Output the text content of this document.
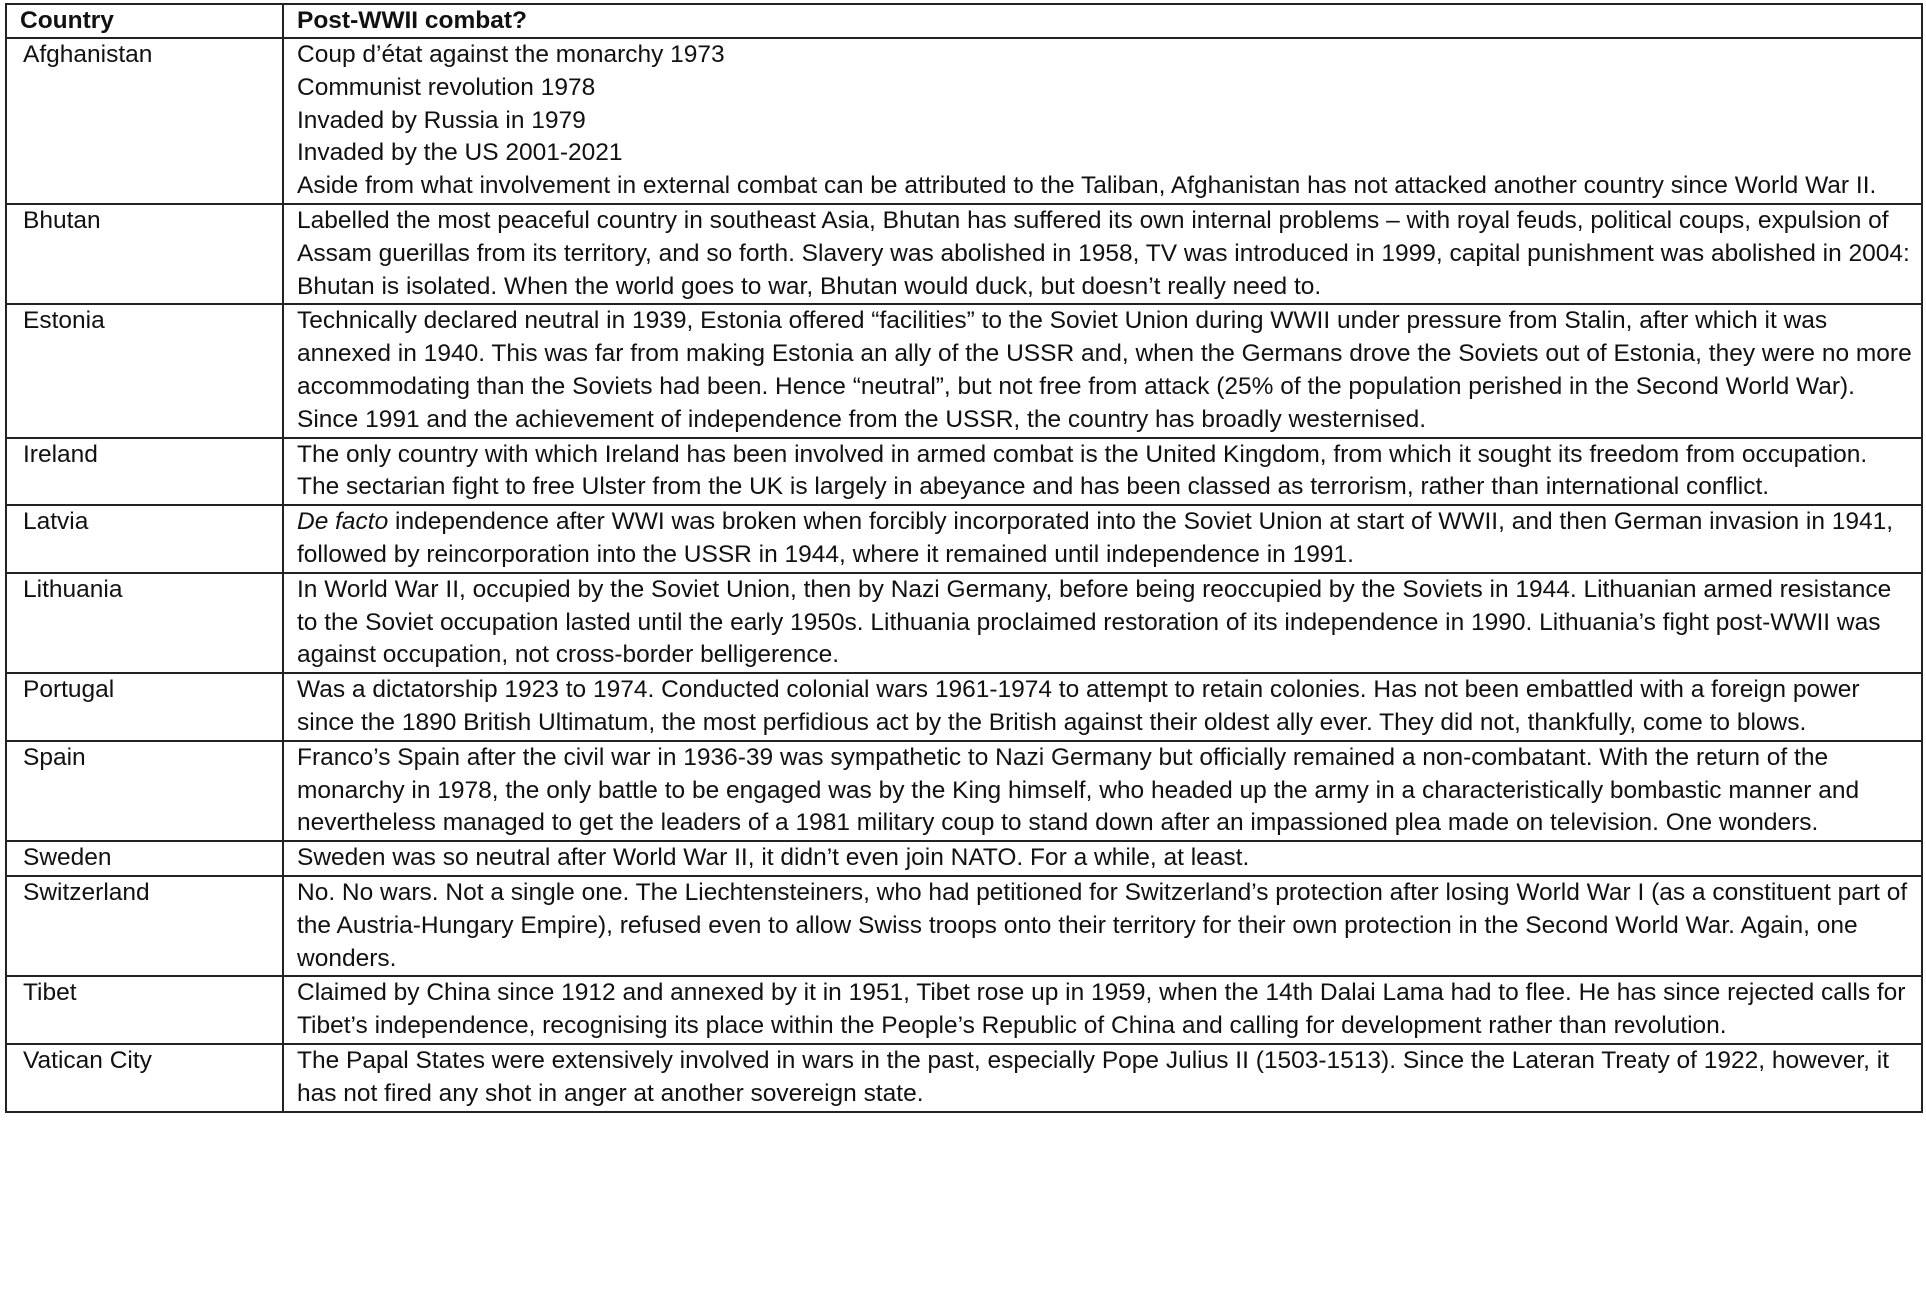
Country	Post-WWII combat?
Afghanistan	Coup d’état against the monarchy 1973
Communist revolution 1978
Invaded by Russia in 1979
Invaded by the US 2001-2021
Aside from what involvement in external combat can be attributed to the Taliban, Afghanistan has not attacked another country since World War II.

Bhutan	Labelled the most peaceful country in southeast Asia, Bhutan has suffered its own internal problems – with royal feuds, political coups, expulsion of Assam guerillas from its territory, and so forth. Slavery was abolished in 1958, TV was introduced in 1999, capital punishment was abolished in 2004: Bhutan is isolated. When the world goes to war, Bhutan would duck, but doesn’t really need to.

Estonia	Technically declared neutral in 1939, Estonia offered “facilities” to the Soviet Union during WWII under pressure from Stalin, after which it was annexed in 1940. This was far from making Estonia an ally of the USSR and, when the Germans drove the Soviets out of Estonia, they were no more accommodating than the Soviets had been. Hence “neutral”, but not free from attack (25% of the population perished in the Second World War). Since 1991 and the achievement of independence from the USSR, the country has broadly westernised.

Ireland	The only country with which Ireland has been involved in armed combat is the United Kingdom, from which it sought its freedom from occupation. The sectarian fight to free Ulster from the UK is largely in abeyance and has been classed as terrorism, rather than international conflict.

Latvia	De facto independence after WWI was broken when forcibly incorporated into the Soviet Union at start of WWII, and then German invasion in 1941, followed by reincorporation into the USSR in 1944, where it remained until independence in 1991.

Lithuania	In World War II, occupied by the Soviet Union, then by Nazi Germany, before being reoccupied by the Soviets in 1944. Lithuanian armed resistance to the Soviet occupation lasted until the early 1950s. Lithuania proclaimed restoration of its independence in 1990. Lithuania’s fight post-WWII was against occupation, not cross-border belligerence.

Portugal	Was a dictatorship 1923 to 1974. Conducted colonial wars 1961-1974 to attempt to retain colonies. Has not been embattled with a foreign power since the 1890 British Ultimatum, the most perfidious act by the British against their oldest ally ever. They did not, thankfully, come to blows.

Spain	Franco’s Spain after the civil war in 1936-39 was sympathetic to Nazi Germany but officially remained a non-combatant. With the return of the monarchy in 1978, the only battle to be engaged was by the King himself, who headed up the army in a characteristically bombastic manner and nevertheless managed to get the leaders of a 1981 military coup to stand down after an impassioned plea made on television. One wonders.

Sweden	Sweden was so neutral after World War II, it didn’t even join NATO. For a while, at least.

Switzerland	No. No wars. Not a single one. The Liechtensteiners, who had petitioned for Switzerland’s protection after losing World War I (as a constituent part of the Austria-Hungary Empire), refused even to allow Swiss troops onto their territory for their own protection in the Second World War. Again, one wonders.

Tibet	Claimed by China since 1912 and annexed by it in 1951, Tibet rose up in 1959, when the 14th Dalai Lama had to flee. He has since rejected calls for Tibet’s independence, recognising its place within the People’s Republic of China and calling for development rather than revolution.

Vatican City	The Papal States were extensively involved in wars in the past, especially Pope Julius II (1503-1513). Since the Lateran Treaty of 1922, however, it has not fired any shot in anger at another sovereign state.
